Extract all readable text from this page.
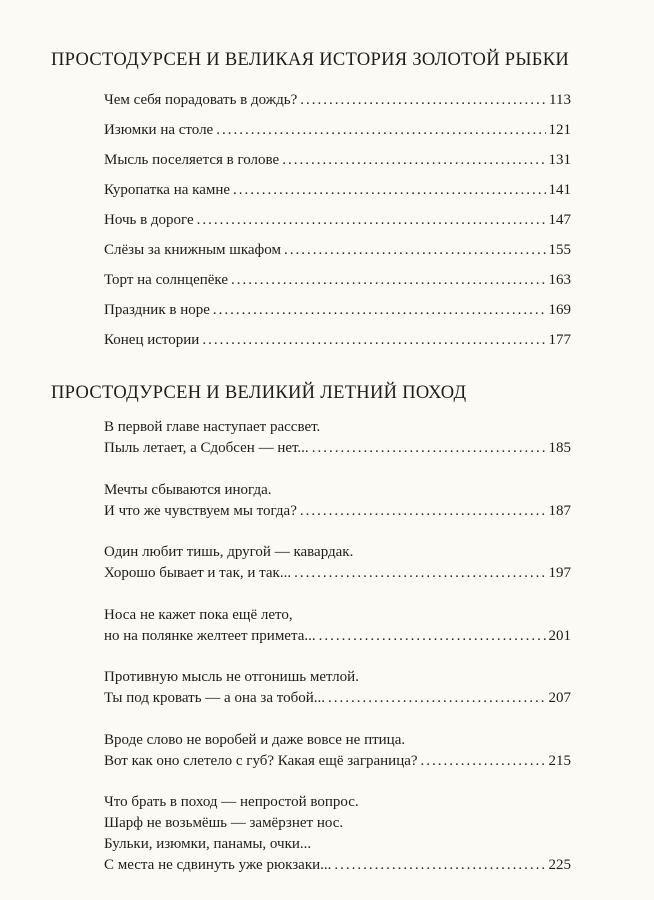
ПРОСТОДУРСЕН И ВЕЛИКАЯ ИСТОРИЯ ЗОЛОТОЙ РЫБКИ
Чем себя порадовать в дождь? .....	113
Изюмки на столе .....	121
Мысль поселяется в голове .....	131
Куропатка на камне .....	141
Ночь в дороге .....	147
Слёзы за книжным шкафом .....	155
Торт на солнцепёке .....	163
Праздник в норе .....	169
Конец истории .....	177
ПРОСТОДУРСЕН И ВЕЛИКИЙ ЛЕТНИЙ ПОХОД
В первой главе наступает рассвет.
Пыль летает, а Сдобсен — нет... .....	185
Мечты сбываются иногда.
И что же чувствуем мы тогда? .....	187
Один любит тишь, другой — кавардак.
Хорошо бывает и так, и так... .....	197
Носа не кажет пока ещё лето,
но на полянке желтеет примета... .....	201
Противную мысль не отгонишь метлой.
Ты под кровать — а она за тобой... .....	207
Вроде слово не воробей и даже вовсе не птица.
Вот как оно слетело с губ? Какая ещё заграница? .....	215
Что брать в поход — непростой вопрос.
Шарф не возьмёшь — замёрзнет нос.
Бульки, изюмки, панамы, очки...
С места не сдвинуть уже рюкзаки... .....	225
